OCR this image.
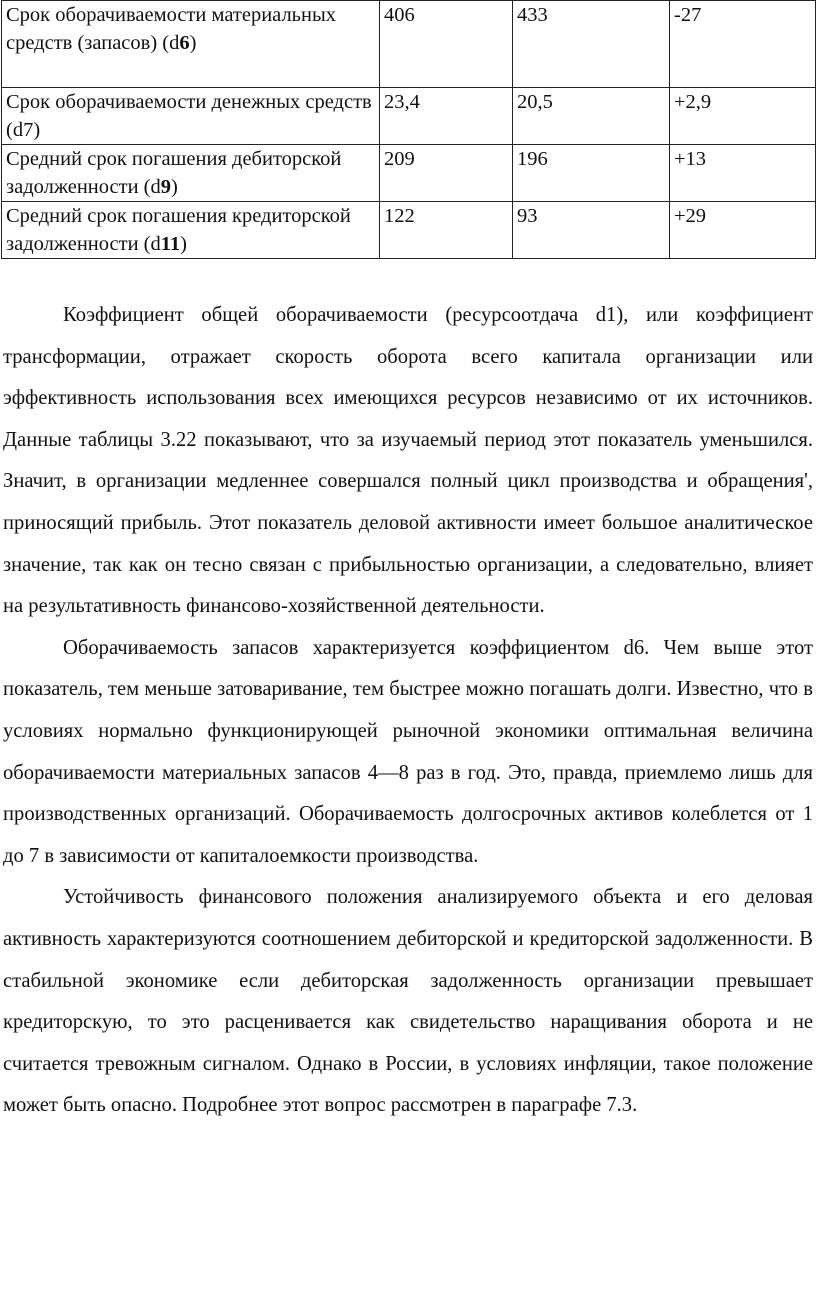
Срок оборачиваемости материальных средств (запасов) (d6)	406	433	-27
Срок оборачиваемости денежных средств (d7)	23,4	20,5	+2,9
Средний срок погашения дебиторской задолженности (d9)	209	196	+13
Средний срок погашения кредиторской задолженности (d11)	122	93	+29

Коэффициент общей оборачиваемости (ресурсоотдача d1), или коэффициент трансформации, отражает скорость оборота всего капитала организации или эффективность использования всех имеющихся ресурсов независимо от их источников. Данные таблицы 3.22 показывают, что за изучаемый период этот показатель уменьшился. Значит, в организации медленнее совершался полный цикл производства и обращения', приносящий прибыль. Этот показатель деловой активности имеет большое аналитическое значение, так как он тесно связан с прибыльностью организации, а следовательно, влияет на результативность финансово-хозяйственной деятельности.

Оборачиваемость запасов характеризуется коэффициентом d6. Чем выше этот показатель, тем меньше затоваривание, тем быстрее можно погашать долги. Известно, что в условиях нормально функционирующей рыночной экономики оптимальная величина оборачиваемости материальных запасов 4—8 раз в год. Это, правда, приемлемо лишь для производственных организаций. Оборачиваемость долгосрочных активов колеблется от 1 до 7 в зависимости от капиталоемкости производства.

Устойчивость финансового положения анализируемого объекта и его деловая активность характеризуются соотношением дебиторской и кредиторской задолженности. В стабильной экономике если дебиторская задолженность организации превышает кредиторскую, то это расценивается как свидетельство наращивания оборота и не считается тревожным сигналом. Однако в России, в условиях инфляции, такое положение может быть опасно. Подробнее этот вопрос рассмотрен в параграфе 7.3.
